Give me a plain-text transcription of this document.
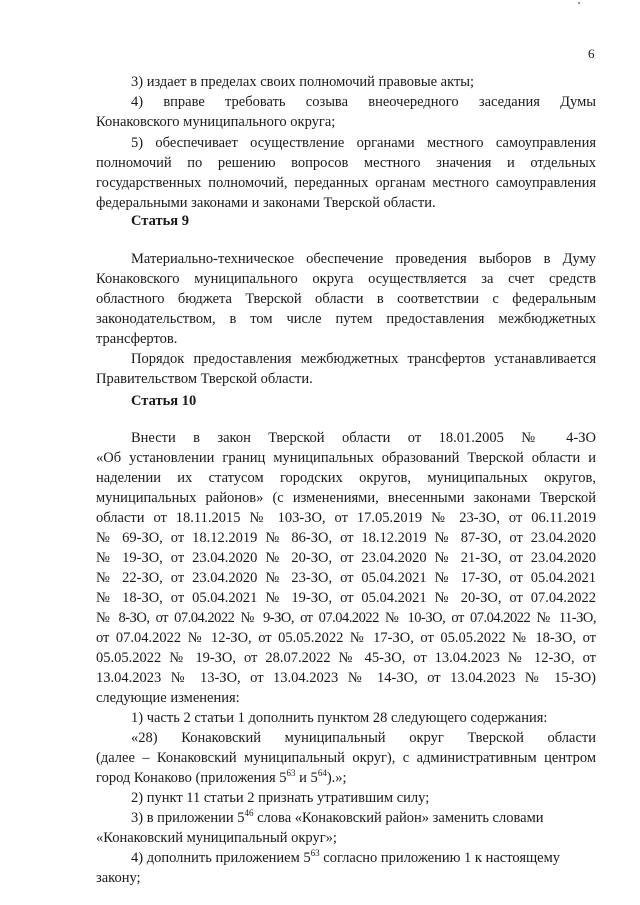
6
3) издает в пределах своих полномочий правовые акты;
4) вправе требовать созыва внеочередного заседания Думы
Конаковского муниципального округа;
5) обеспечивает осуществление органами местного самоуправления
полномочий по решению вопросов местного значения и отдельных
государственных полномочий, переданных органам местного самоуправления
федеральными законами и законами Тверской области.
Статья 9
Материально-техническое обеспечение проведения выборов в Думу
Конаковского муниципального округа осуществляется за счет средств
областного бюджета Тверской области в соответствии с федеральным
законодательством, в том числе путем предоставления межбюджетных
трансфертов.
Порядок предоставления межбюджетных трансфертов устанавливается
Правительством Тверской области.
Статья 10
Внести в закон Тверской области от 18.01.2005 № 4-ЗО
«Об установлении границ муниципальных образований Тверской области и
наделении их статусом городских округов, муниципальных округов,
муниципальных районов» (с изменениями, внесенными законами Тверской
области от 18.11.2015 № 103-ЗО, от 17.05.2019 № 23-ЗО, от 06.11.2019
№ 69-ЗО, от 18.12.2019 № 86-ЗО, от 18.12.2019 № 87-ЗО, от 23.04.2020
№ 19-ЗО, от 23.04.2020 № 20-ЗО, от 23.04.2020 № 21-ЗО, от 23.04.2020
№ 22-ЗО, от 23.04.2020 № 23-ЗО, от 05.04.2021 № 17-ЗО, от 05.04.2021
№ 18-ЗО, от 05.04.2021 № 19-ЗО, от 05.04.2021 № 20-ЗО, от 07.04.2022
№ 8-ЗО, от 07.04.2022 № 9-ЗО, от 07.04.2022 № 10-ЗО, от 07.04.2022 № 11-ЗО,
от 07.04.2022 № 12-ЗО, от 05.05.2022 № 17-ЗО, от 05.05.2022 № 18-ЗО, от
05.05.2022 № 19-ЗО, от 28.07.2022 № 45-ЗО, от 13.04.2023 № 12-ЗО, от
13.04.2023 № 13-ЗО, от 13.04.2023 № 14-ЗО, от 13.04.2023 № 15-ЗО)
следующие изменения:
1) часть 2 статьи 1 дополнить пунктом 28 следующего содержания:
«28) Конаковский муниципальный округ Тверской области
(далее – Конаковский муниципальный округ), с административным центром
город Конаково (приложения $5^{63}$ и $5^{64}$).»;
2) пункт 11 статьи 2 признать утратившим силу;
3) в приложении $5^{46}$ слова «Конаковский район» заменить словами
«Конаковский муниципальный округ»;
4) дополнить приложением $5^{63}$ согласно приложению 1 к настоящему
закону;
